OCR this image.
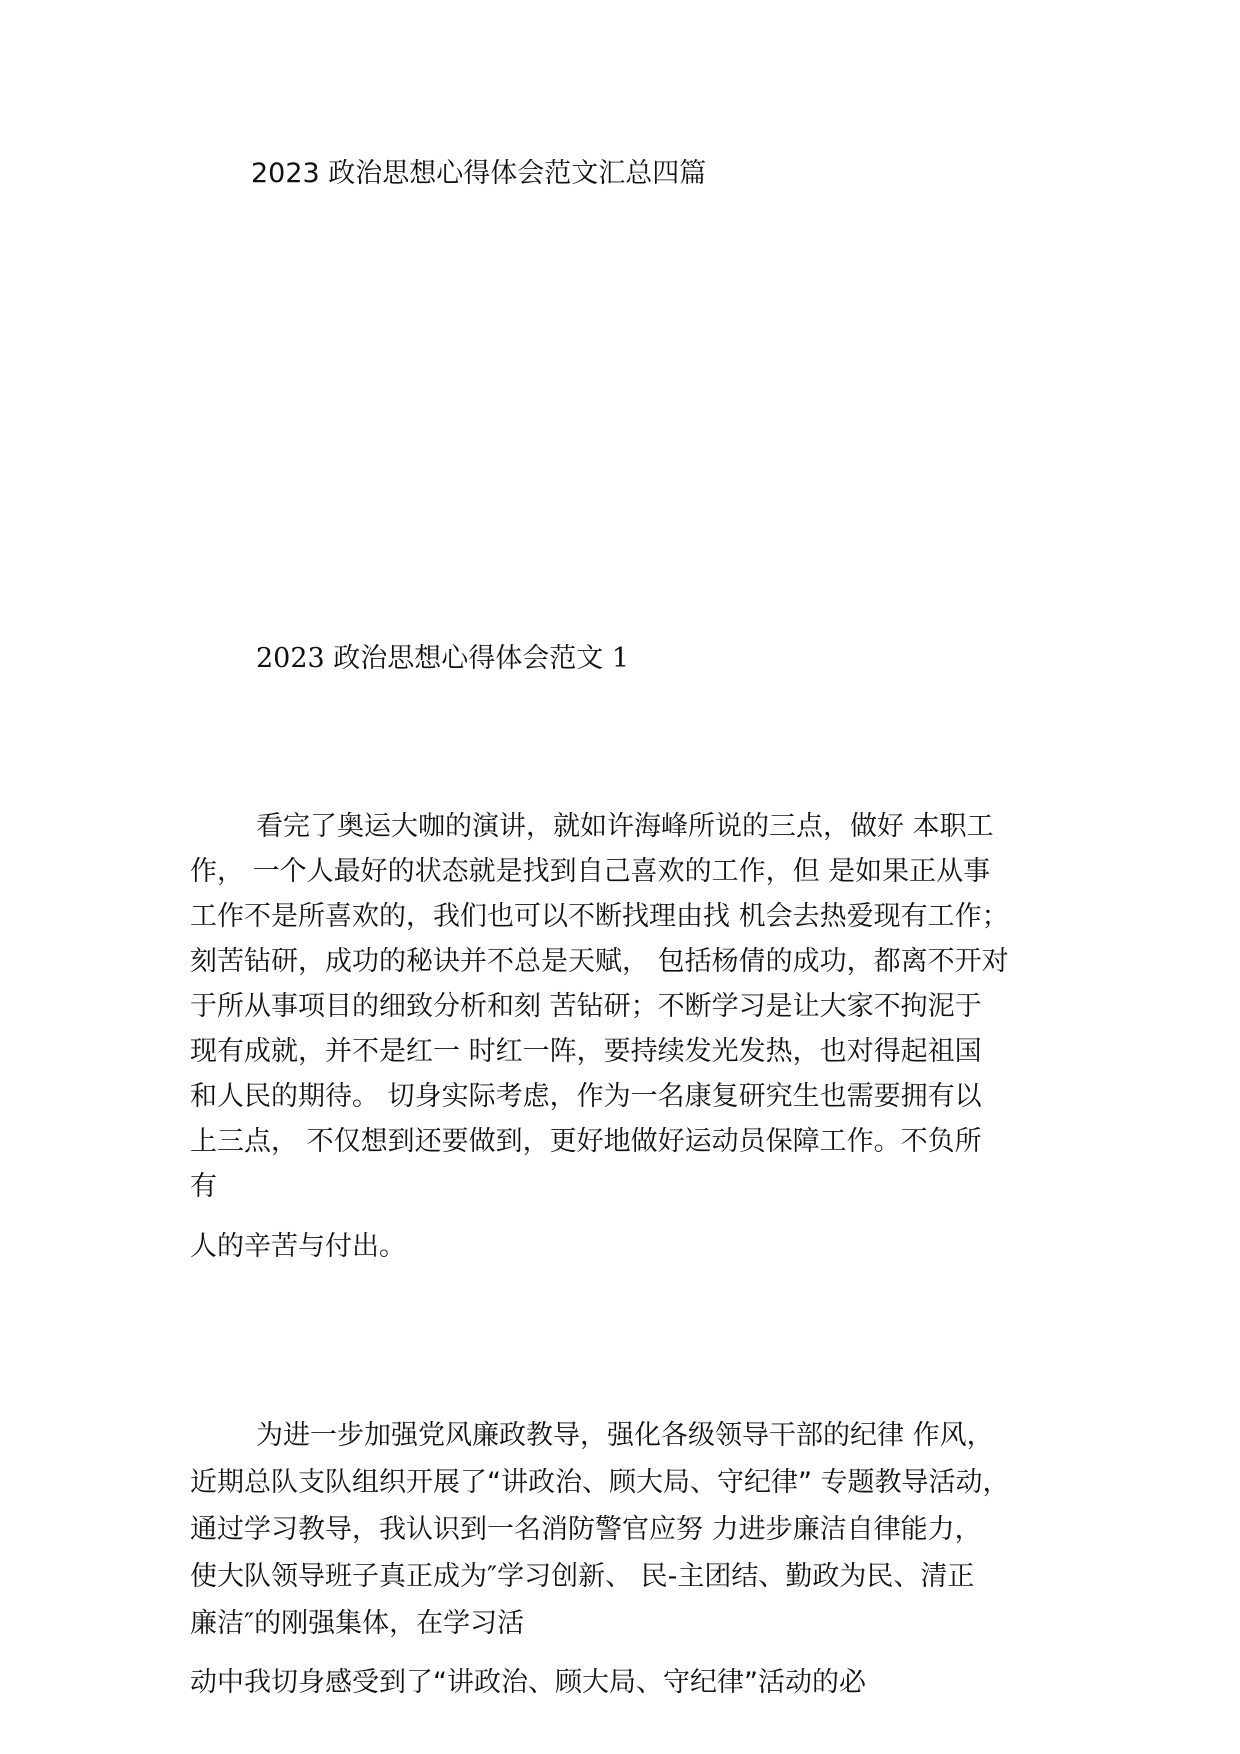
2023 政治思想心得体会范文汇总四篇
2023 政治思想心得体会范文 1
看完了奥运大咖的演讲，就如许海峰所说的三点，做好 本职工
作， 一个人最好的状态就是找到自己喜欢的工作，但 是如果正从事
工作不是所喜欢的，我们也可以不断找理由找 机会去热爱现有工作；
刻苦钻研，成功的秘诀并不总是天赋， 包括杨倩的成功，都离不开对
于所从事项目的细致分析和刻 苦钻研；不断学习是让大家不拘泥于
现有成就，并不是红一 时红一阵，要持续发光发热，也对得起祖国
和人民的期待。 切身实际考虑，作为一名康复研究生也需要拥有以
上三点， 不仅想到还要做到，更好地做好运动员保障工作。不负所
有
人的辛苦与付出。
为进一步加强党风廉政教导，强化各级领导干部的纪律 作风，
近期总队支队组织开展了“讲政治、顾大局、守纪律” 专题教导活动，
通过学习教导，我认识到一名消防警官应努 力进步廉洁自律能力，
使大队领导班子真正成为″学习创新、 民-主团结、勤政为民、清正
廉洁″的刚强集体，在学习活
动中我切身感受到了“讲政治、顾大局、守纪律”活动的必
